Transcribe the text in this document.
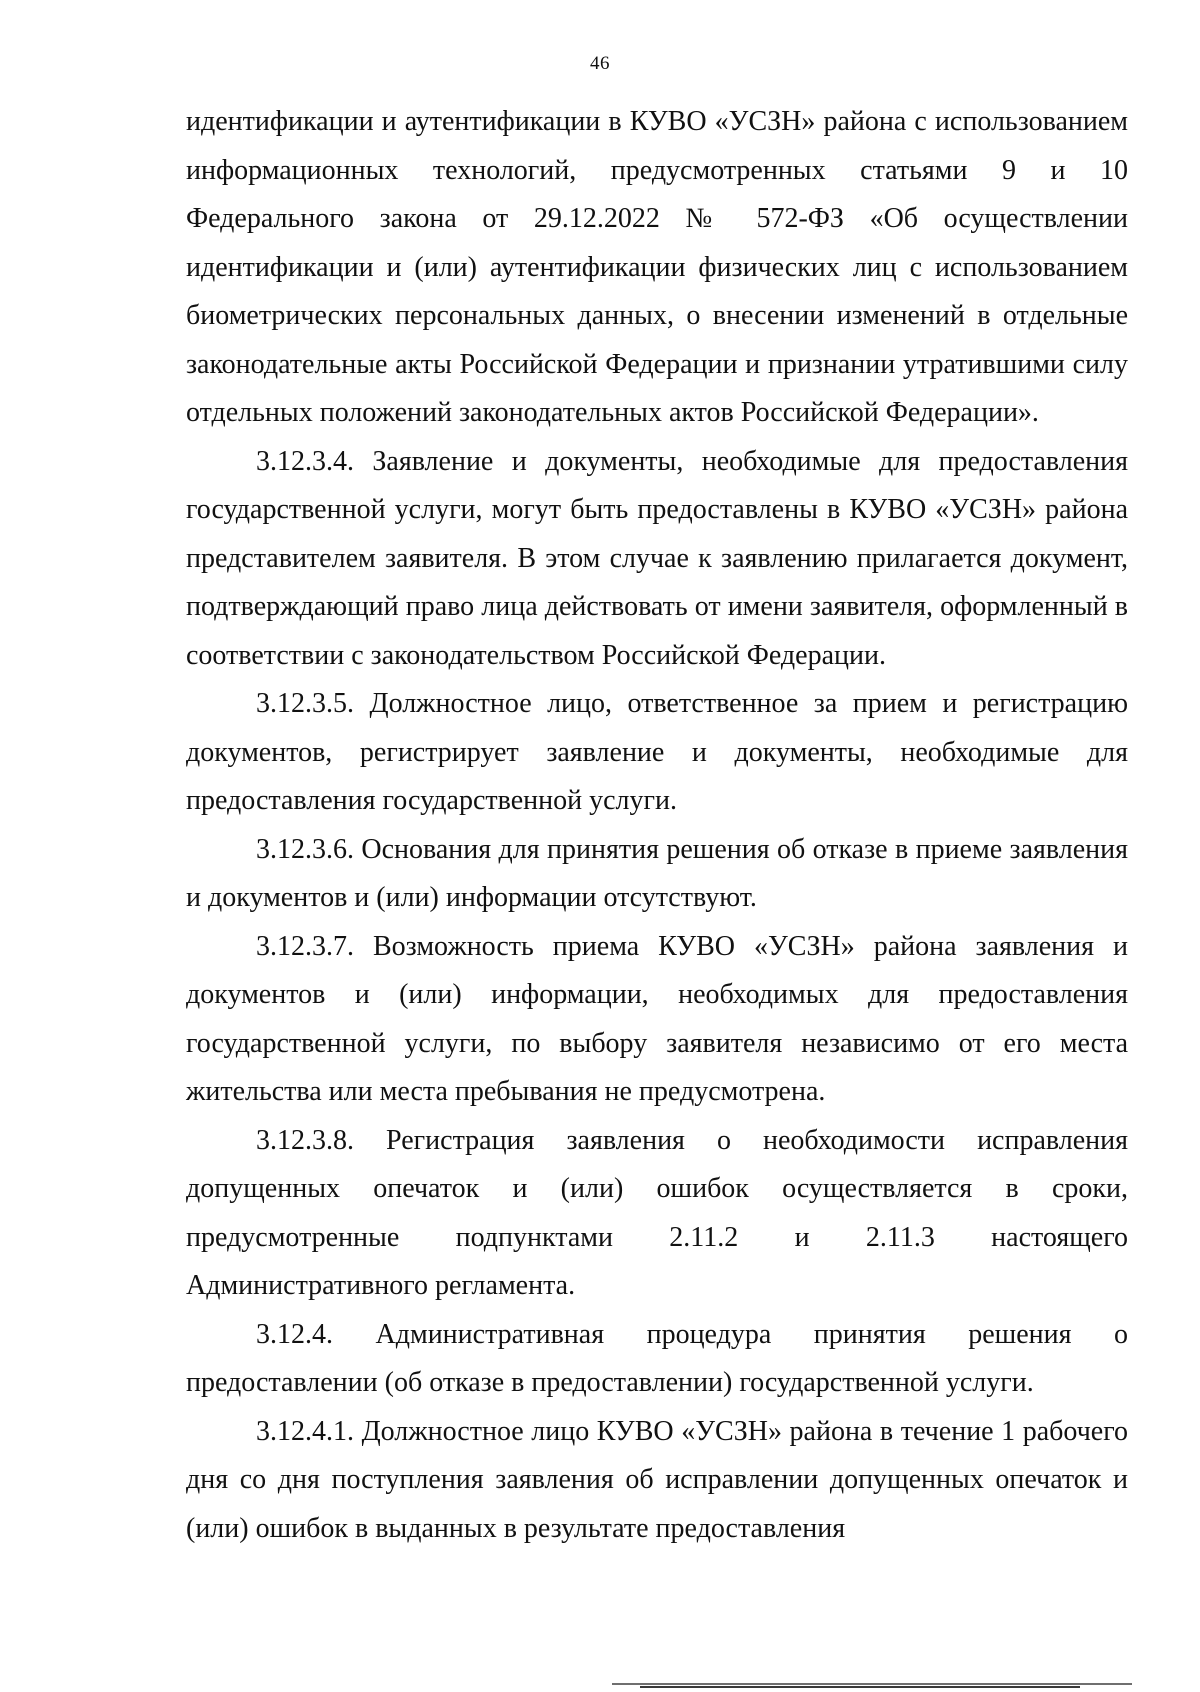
46

идентификации и аутентификации в КУВО «УСЗН» района с использованием информационных технологий, предусмотренных статьями 9 и 10 Федерального закона от 29.12.2022 № 572-ФЗ «Об осуществлении идентификации и (или) аутентификации физических лиц с использованием биометрических персональных данных, о внесении изменений в отдельные законодательные акты Российской Федерации и признании утратившими силу отдельных положений законодательных актов Российской Федерации».

3.12.3.4. Заявление и документы, необходимые для предоставления государственной услуги, могут быть предоставлены в КУВО «УСЗН» района представителем заявителя. В этом случае к заявлению прилагается документ, подтверждающий право лица действовать от имени заявителя, оформленный в соответствии с законодательством Российской Федерации.

3.12.3.5. Должностное лицо, ответственное за прием и регистрацию документов, регистрирует заявление и документы, необходимые для предоставления государственной услуги.

3.12.3.6. Основания для принятия решения об отказе в приеме заявления и документов и (или) информации отсутствуют.

3.12.3.7. Возможность приема КУВО «УСЗН» района заявления и документов и (или) информации, необходимых для предоставления государственной услуги, по выбору заявителя независимо от его места жительства или места пребывания не предусмотрена.

3.12.3.8. Регистрация заявления о необходимости исправления допущенных опечаток и (или) ошибок осуществляется в сроки, предусмотренные подпунктами 2.11.2 и 2.11.3 настоящего Административного регламента.

3.12.4. Административная процедура принятия решения о предоставлении (об отказе в предоставлении) государственной услуги.

3.12.4.1. Должностное лицо КУВО «УСЗН» района в течение 1 рабочего дня со дня поступления заявления об исправлении допущенных опечаток и (или) ошибок в выданных в результате предоставления
